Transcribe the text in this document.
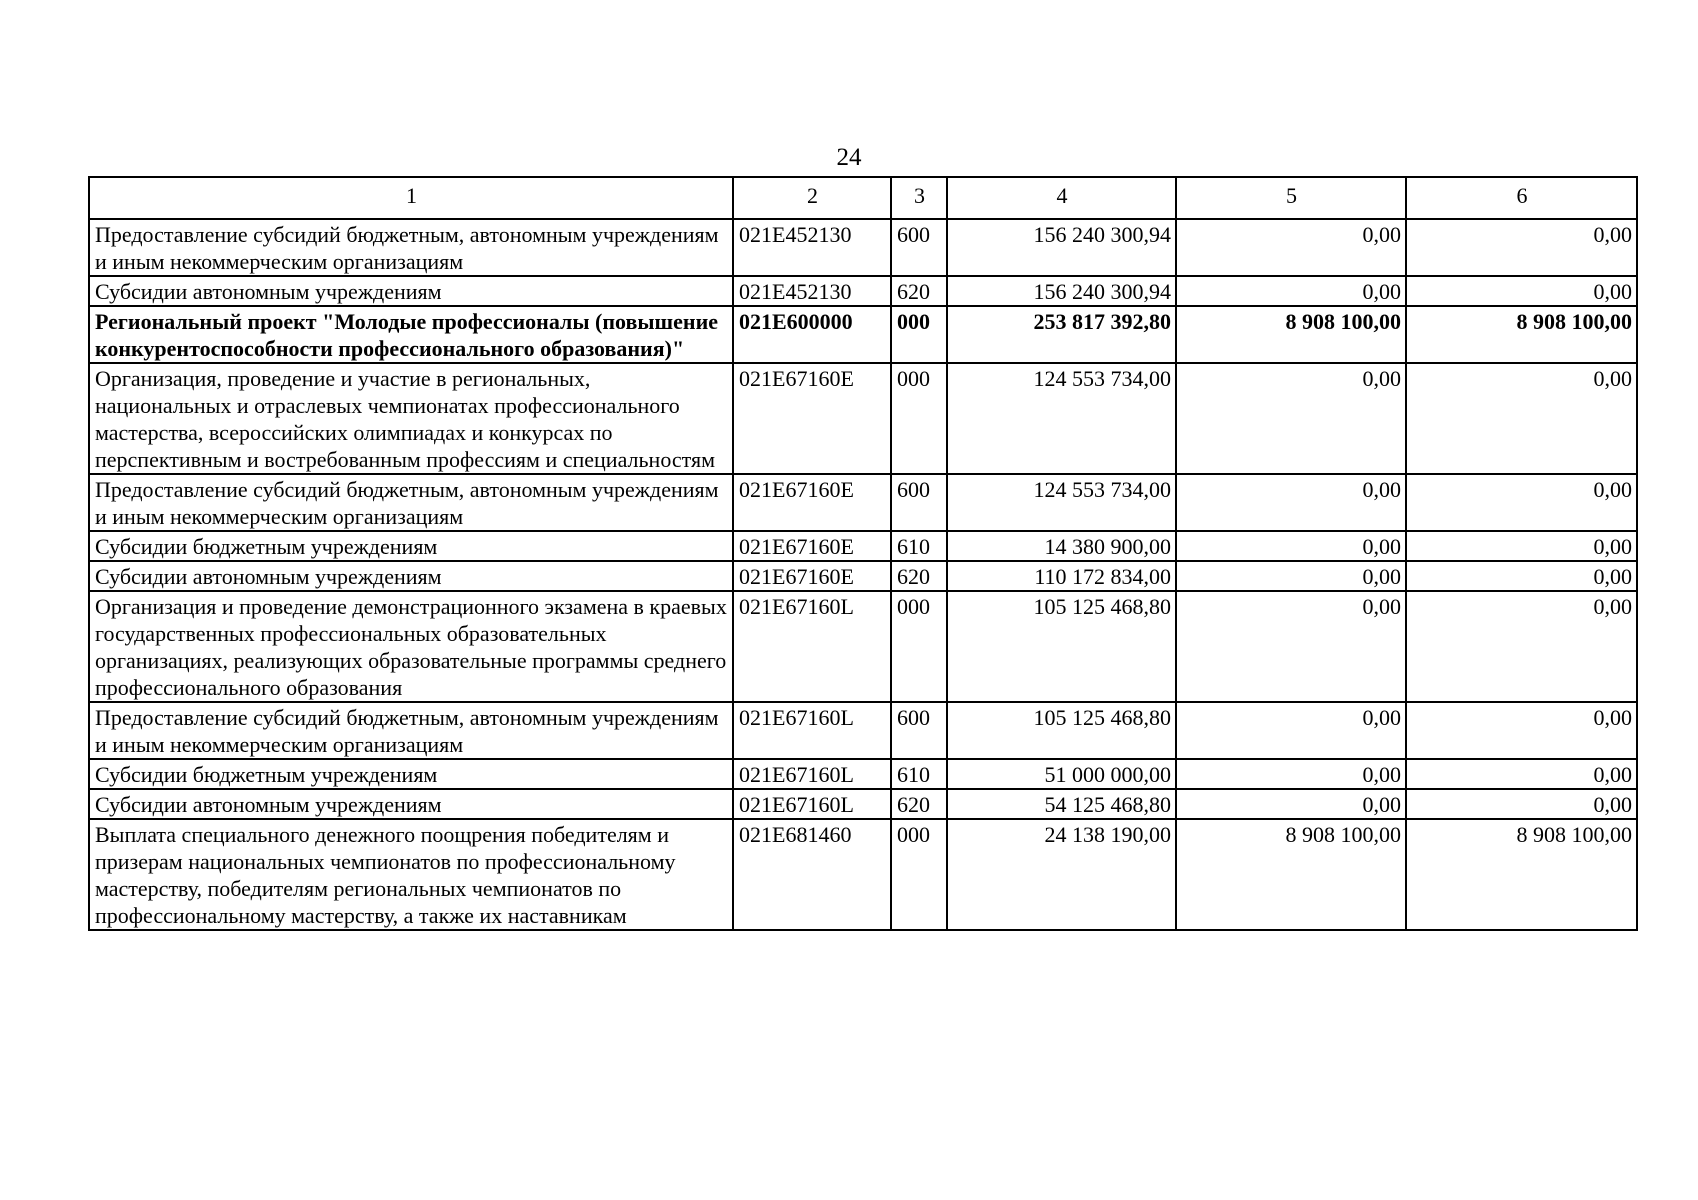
24
1	2	3	4	5	6
Предоставление субсидий бюджетным, автономным учреждениям и иным некоммерческим организациям	021E452130	600	156 240 300,94	0,00	0,00
Субсидии автономным учреждениям	021E452130	620	156 240 300,94	0,00	0,00
Региональный проект "Молодые профессионалы (повышение конкурентоспособности профессионального образования)"	021E600000	000	253 817 392,80	8 908 100,00	8 908 100,00
Организация, проведение и участие в региональных, национальных и отраслевых чемпионатах профессионального мастерства, всероссийских олимпиадах и конкурсах по перспективным и востребованным профессиям и специальностям	021E67160E	000	124 553 734,00	0,00	0,00
Предоставление субсидий бюджетным, автономным учреждениям и иным некоммерческим организациям	021E67160E	600	124 553 734,00	0,00	0,00
Субсидии бюджетным учреждениям	021E67160E	610	14 380 900,00	0,00	0,00
Субсидии автономным учреждениям	021E67160E	620	110 172 834,00	0,00	0,00
Организация и проведение демонстрационного экзамена в краевых государственных профессиональных образовательных организациях, реализующих образовательные программы среднего профессионального образования	021E67160L	000	105 125 468,80	0,00	0,00
Предоставление субсидий бюджетным, автономным учреждениям и иным некоммерческим организациям	021E67160L	600	105 125 468,80	0,00	0,00
Субсидии бюджетным учреждениям	021E67160L	610	51 000 000,00	0,00	0,00
Субсидии автономным учреждениям	021E67160L	620	54 125 468,80	0,00	0,00
Выплата специального денежного поощрения победителям и призерам национальных чемпионатов по профессиональному мастерству, победителям региональных чемпионатов по профессиональному мастерству, а также их наставникам	021E681460	000	24 138 190,00	8 908 100,00	8 908 100,00
